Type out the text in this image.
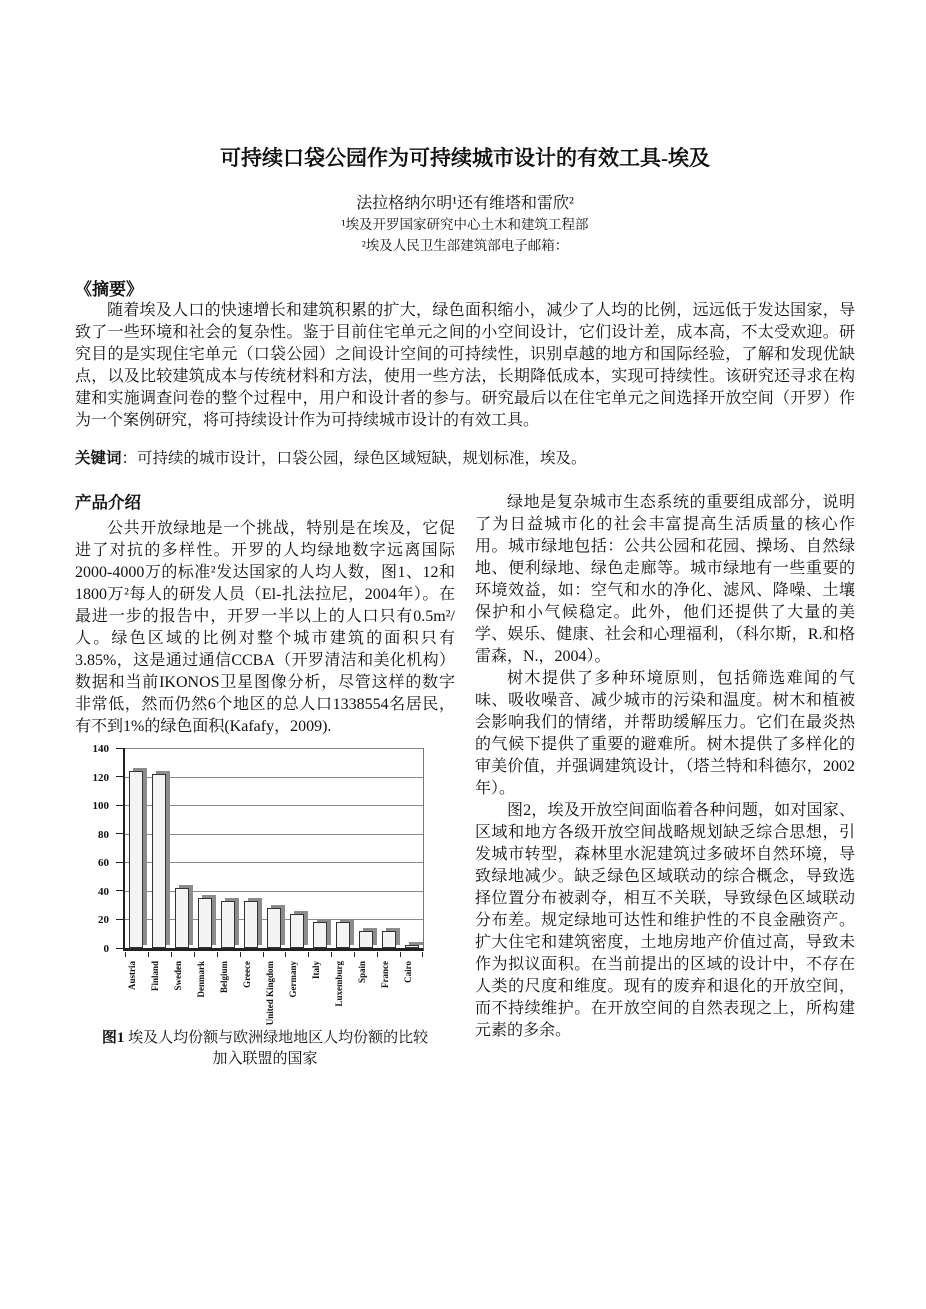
可持续口袋公园作为可持续城市设计的有效工具-埃及
法拉格纳尔明¹还有维塔和雷欣²
¹埃及开罗国家研究中心土木和建筑工程部
²埃及人民卫生部建筑部电子邮箱：
《摘要》

随着埃及人口的快速增长和建筑积累的扩大，绿色面积缩小，减少了人均的比例，远远低于发达国家，导致了一些环境和社会的复杂性。鉴于目前住宅单元之间的小空间设计，它们设计差，成本高，不太受欢迎。研究目的是实现住宅单元（口袋公园）之间设计空间的可持续性，识别卓越的地方和国际经验，了解和发现优缺点，以及比较建筑成本与传统材料和方法，使用一些方法，长期降低成本，实现可持续性。该研究还寻求在构建和实施调查问卷的整个过程中，用户和设计者的参与。研究最后以在住宅单元之间选择开放空间（开罗）作为一个案例研究，将可持续设计作为可持续城市设计的有效工具。

关键词：可持续的城市设计，口袋公园，绿色区域短缺，规划标准，埃及。

产品介绍

公共开放绿地是一个挑战，特别是在埃及，它促进了对抗的多样性。开罗的人均绿地数字远离国际2000-4000万的标准²发达国家的人均人数，图1、12和1800万²每人的研发人员（El-扎法拉尼，2004年）。在最进一步的报告中，开罗一半以上的人口只有0.5m²/人。绿色区域的比例对整个城市建筑的面积只有3.85%，这是通过通信CCBA（开罗清洁和美化机构）数据和当前IKONOS卫星图像分析，尽管这样的数字非常低，然而仍然6个地区的总人口1338554名居民，有不到1%的绿色面积(Kafafy，2009).

0
20
40
60
80
100
120
140
Austria Finland Sweden Denmark Belgium Greece United Kingdom Germany Italy Luxemburg Spain France Cairo
图1 埃及人均份额与欧洲绿地地区人均份额的比较
加入联盟的国家

绿地是复杂城市生态系统的重要组成部分，说明了为日益城市化的社会丰富提高生活质量的核心作用。城市绿地包括：公共公园和花园、操场、自然绿地、便利绿地、绿色走廊等。城市绿地有一些重要的环境效益，如：空气和水的净化、滤风、降噪、土壤保护和小气候稳定。此外，他们还提供了大量的美学、娱乐、健康、社会和心理福利，（科尔斯，R.和格雷森，N.，2004）。

树木提供了多种环境原则，包括筛选难闻的气味、吸收噪音、减少城市的污染和温度。树木和植被会影响我们的情绪，并帮助缓解压力。它们在最炎热的气候下提供了重要的避难所。树木提供了多样化的审美价值，并强调建筑设计，（塔兰特和科德尔，2002年）。

图2，埃及开放空间面临着各种问题，如对国家、区域和地方各级开放空间战略规划缺乏综合思想，引发城市转型，森林里水泥建筑过多破坏自然环境，导致绿地减少。缺乏绿色区域联动的综合概念，导致选择位置分布被剥夺，相互不关联，导致绿色区域联动分布差。规定绿地可达性和维护性的不良金融资产。扩大住宅和建筑密度，土地房地产价值过高，导致未作为拟议面积。在当前提出的区域的设计中，不存在人类的尺度和维度。现有的废弃和退化的开放空间，而不持续维护。在开放空间的自然表现之上，所构建元素的多余。
